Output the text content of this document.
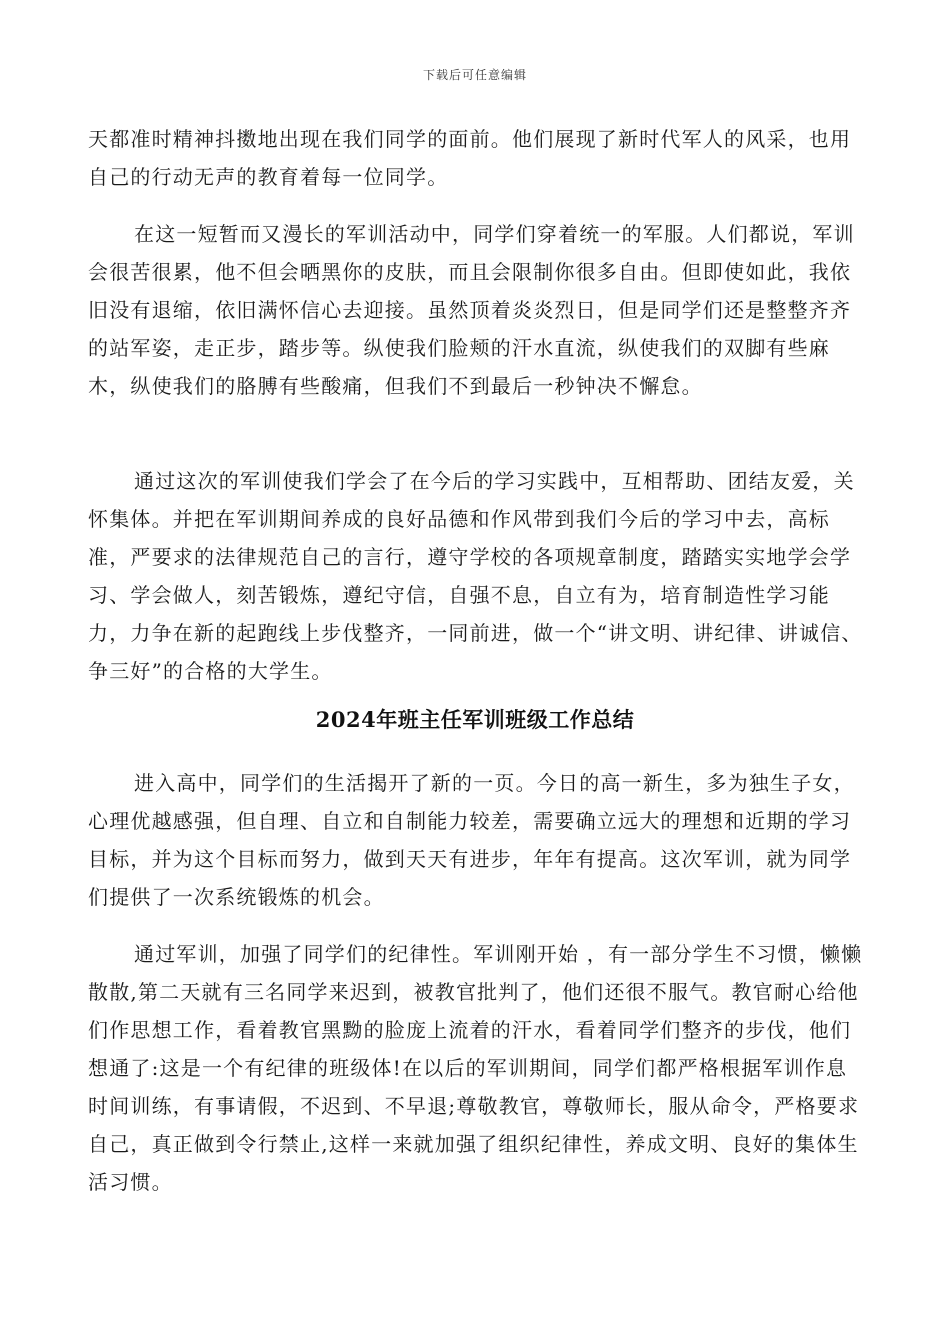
下载后可任意编辑

天都准时精神抖擞地出现在我们同学的面前。他们展现了新时代军人的风采，也用自己的行动无声的教育着每一位同学。

在这一短暂而又漫长的军训活动中，同学们穿着统一的军服。人们都说，军训会很苦很累，他不但会晒黑你的皮肤，而且会限制你很多自由。但即使如此，我依旧没有退缩，依旧满怀信心去迎接。虽然顶着炎炎烈日，但是同学们还是整整齐齐的站军姿，走正步，踏步等。纵使我们脸颊的汗水直流，纵使我们的双脚有些麻木，纵使我们的胳膊有些酸痛，但我们不到最后一秒钟决不懈怠。

通过这次的军训使我们学会了在今后的学习实践中，互相帮助、团结友爱，关怀集体。并把在军训期间养成的良好品德和作风带到我们今后的学习中去，高标准，严要求的法律规范自己的言行，遵守学校的各项规章制度，踏踏实实地学会学习、学会做人，刻苦锻炼，遵纪守信，自强不息，自立有为，培育制造性学习能力，力争在新的起跑线上步伐整齐，一同前进，做一个“讲文明、讲纪律、讲诚信、争三好”的合格的大学生。

2024年班主任军训班级工作总结

进入高中，同学们的生活揭开了新的一页。今日的高一新生，多为独生子女，心理优越感强，但自理、自立和自制能力较差，需要确立远大的理想和近期的学习目标，并为这个目标而努力，做到天天有进步，年年有提高。这次军训，就为同学们提供了一次系统锻炼的机会。

通过军训，加强了同学们的纪律性。军训刚开始 ，有一部分学生不习惯，懒懒散散,第二天就有三名同学来迟到，被教官批判了，他们还很不服气。教官耐心给他们作思想工作，看着教官黑黝的脸庞上流着的汗水，看着同学们整齐的步伐，他们想通了:这是一个有纪律的班级体!在以后的军训期间，同学们都严格根据军训作息时间训练，有事请假，不迟到、不早退;尊敬教官，尊敬师长，服从命令，严格要求自己，真正做到令行禁止,这样一来就加强了组织纪律性，养成文明、良好的集体生活习惯。
